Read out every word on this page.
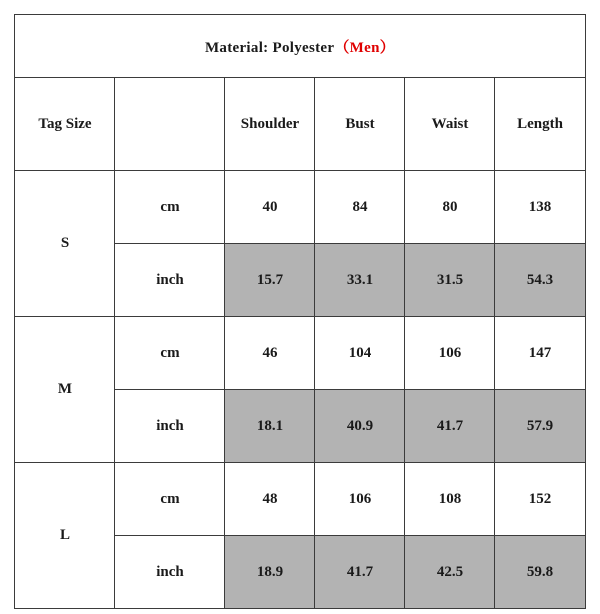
Material: Polyester（Men）					
Tag Size		Shoulder	Bust	Waist	Length
S	cm	40	84	80	138
	inch	15.7	33.1	31.5	54.3
M	cm	46	104	106	147
	inch	18.1	40.9	41.7	57.9
L	cm	48	106	108	152
	inch	18.9	41.7	42.5	59.8
